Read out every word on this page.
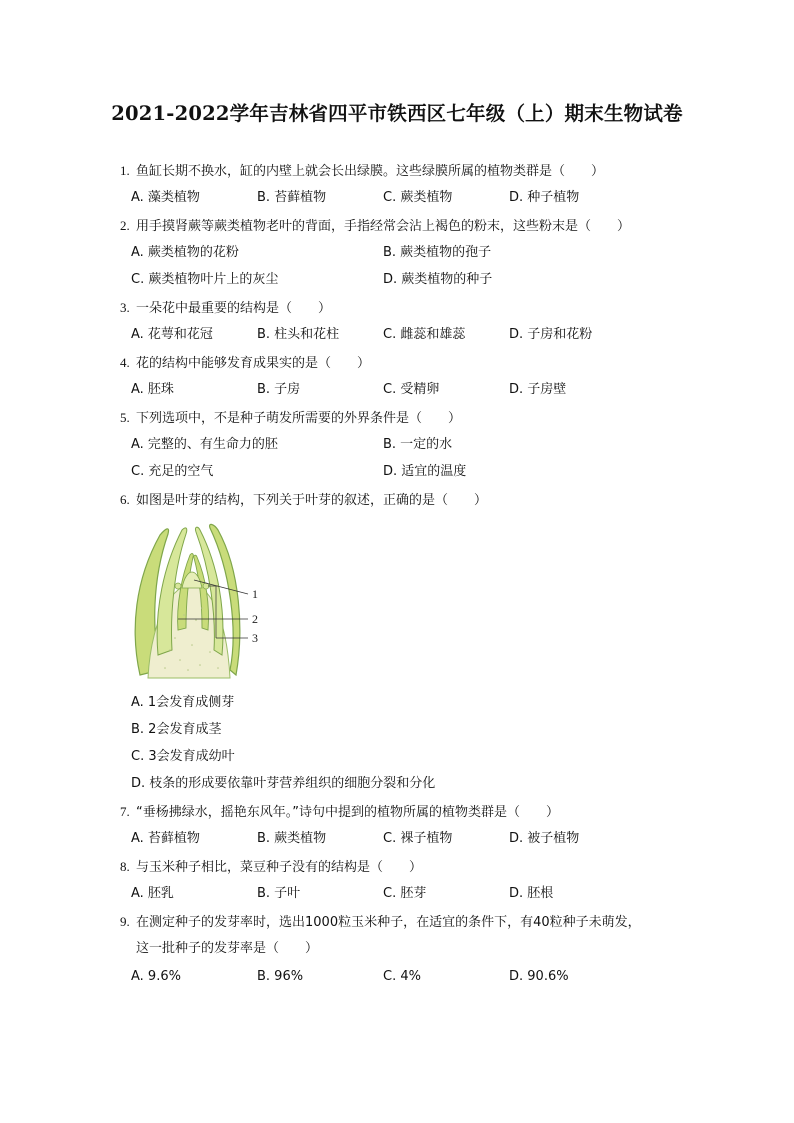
2021-2022学年吉林省四平市铁西区七年级（上）期末生物试卷
1. 鱼缸长期不换水，缸的内壁上就会长出绿膜。这些绿膜所属的植物类群是（　　）
A. 藻类植物	B. 苔藓植物	C. 蕨类植物	D. 种子植物
2. 用手摸肾蕨等蕨类植物老叶的背面，手指经常会沾上褐色的粉末，这些粉末是（　　）
A. 蕨类植物的花粉	B. 蕨类植物的孢子
C. 蕨类植物叶片上的灰尘	D. 蕨类植物的种子
3. 一朵花中最重要的结构是（　　）
A. 花萼和花冠	B. 柱头和花柱	C. 雌蕊和雄蕊	D. 子房和花粉
4. 花的结构中能够发育成果实的是（　　）
A. 胚珠	B. 子房	C. 受精卵	D. 子房壁
5. 下列选项中，不是种子萌发所需要的外界条件是（　　）
A. 完整的、有生命力的胚	B. 一定的水
C. 充足的空气	D. 适宜的温度
6. 如图是叶芽的结构，下列关于叶芽的叙述，正确的是（　　）
1
2
3
A. 1会发育成侧芽
B. 2会发育成茎
C. 3会发育成幼叶
D. 枝条的形成要依靠叶芽营养组织的细胞分裂和分化
7. “垂杨拂绿水，摇艳东风年。”诗句中提到的植物所属的植物类群是（　　）
A. 苔藓植物	B. 蕨类植物	C. 裸子植物	D. 被子植物
8. 与玉米种子相比，菜豆种子没有的结构是（　　）
A. 胚乳	B. 子叶	C. 胚芽	D. 胚根
9. 在测定种子的发芽率时，选出1000粒玉米种子，在适宜的条件下，有40粒种子未萌发，
这一批种子的发芽率是（　　）
A. 9.6%	B. 96%	C. 4%	D. 90.6%
